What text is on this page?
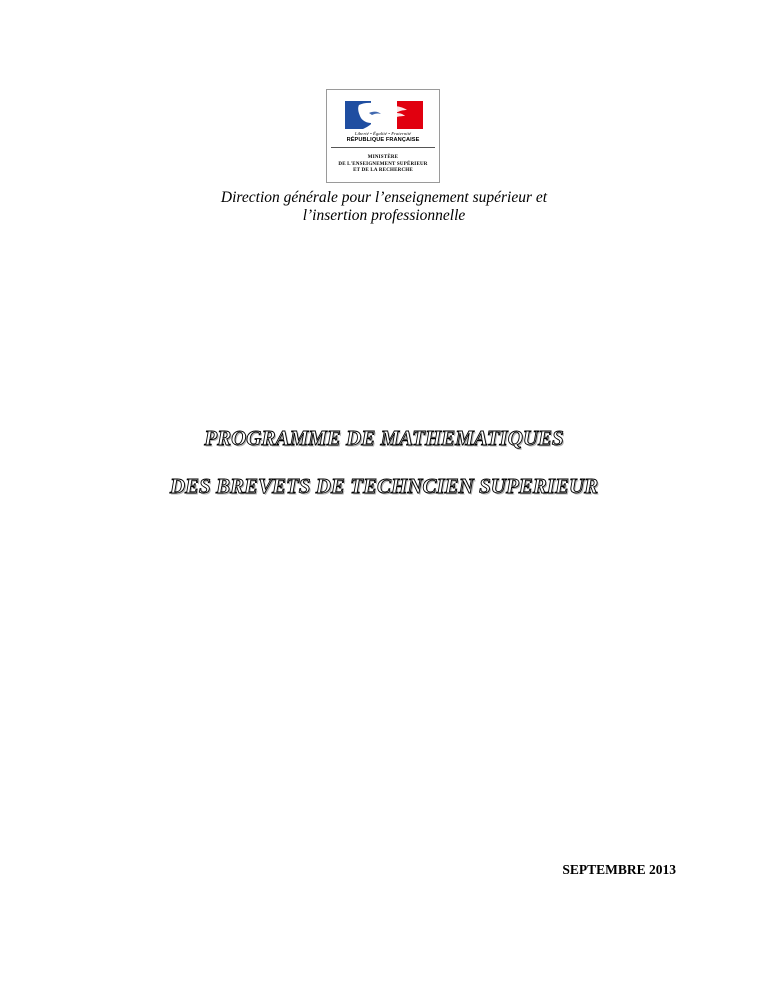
Liberté • Égalité • Fraternité
RÉPUBLIQUE FRANÇAISE
MINISTÈRE
DE L'ENSEIGNEMENT SUPÉRIEUR
ET DE LA RECHERCHE
Direction générale pour l’enseignement supérieur et
l’insertion professionnelle
PROGRAMME DE MATHEMATIQUES
DES BREVETS DE TECHNCIEN SUPERIEUR
SEPTEMBRE 2013
